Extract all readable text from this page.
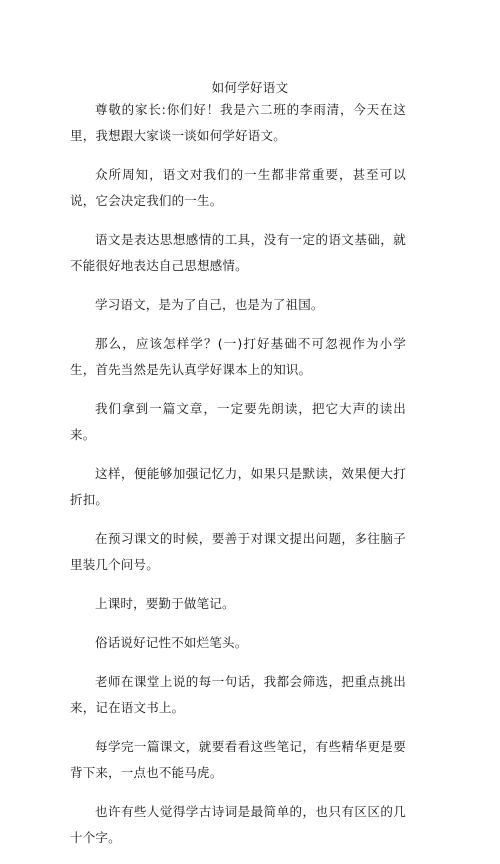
如何学好语文

尊敬的家长:你们好！我是六二班的李雨清，今天在这里，我想跟大家谈一谈如何学好语文。

众所周知，语文对我们的一生都非常重要，甚至可以说，它会决定我们的一生。

语文是表达思想感情的工具，没有一定的语文基础，就不能很好地表达自己思想感情。

学习语文，是为了自己，也是为了祖国。

那么，应该怎样学？(一)打好基础不可忽视作为小学生，首先当然是先认真学好课本上的知识。

我们拿到一篇文章，一定要先朗读，把它大声的读出来。

这样，便能够加强记忆力，如果只是默读，效果便大打折扣。

在预习课文的时候，要善于对课文提出问题，多往脑子里装几个问号。

上课时，要勤于做笔记。

俗话说好记性不如烂笔头。

老师在课堂上说的每一句话，我都会筛选，把重点挑出来，记在语文书上。

每学完一篇课文，就要看看这些笔记，有些精华更是要背下来，一点也不能马虎。

也许有些人觉得学古诗词是最简单的，也只有区区的几十个字。
